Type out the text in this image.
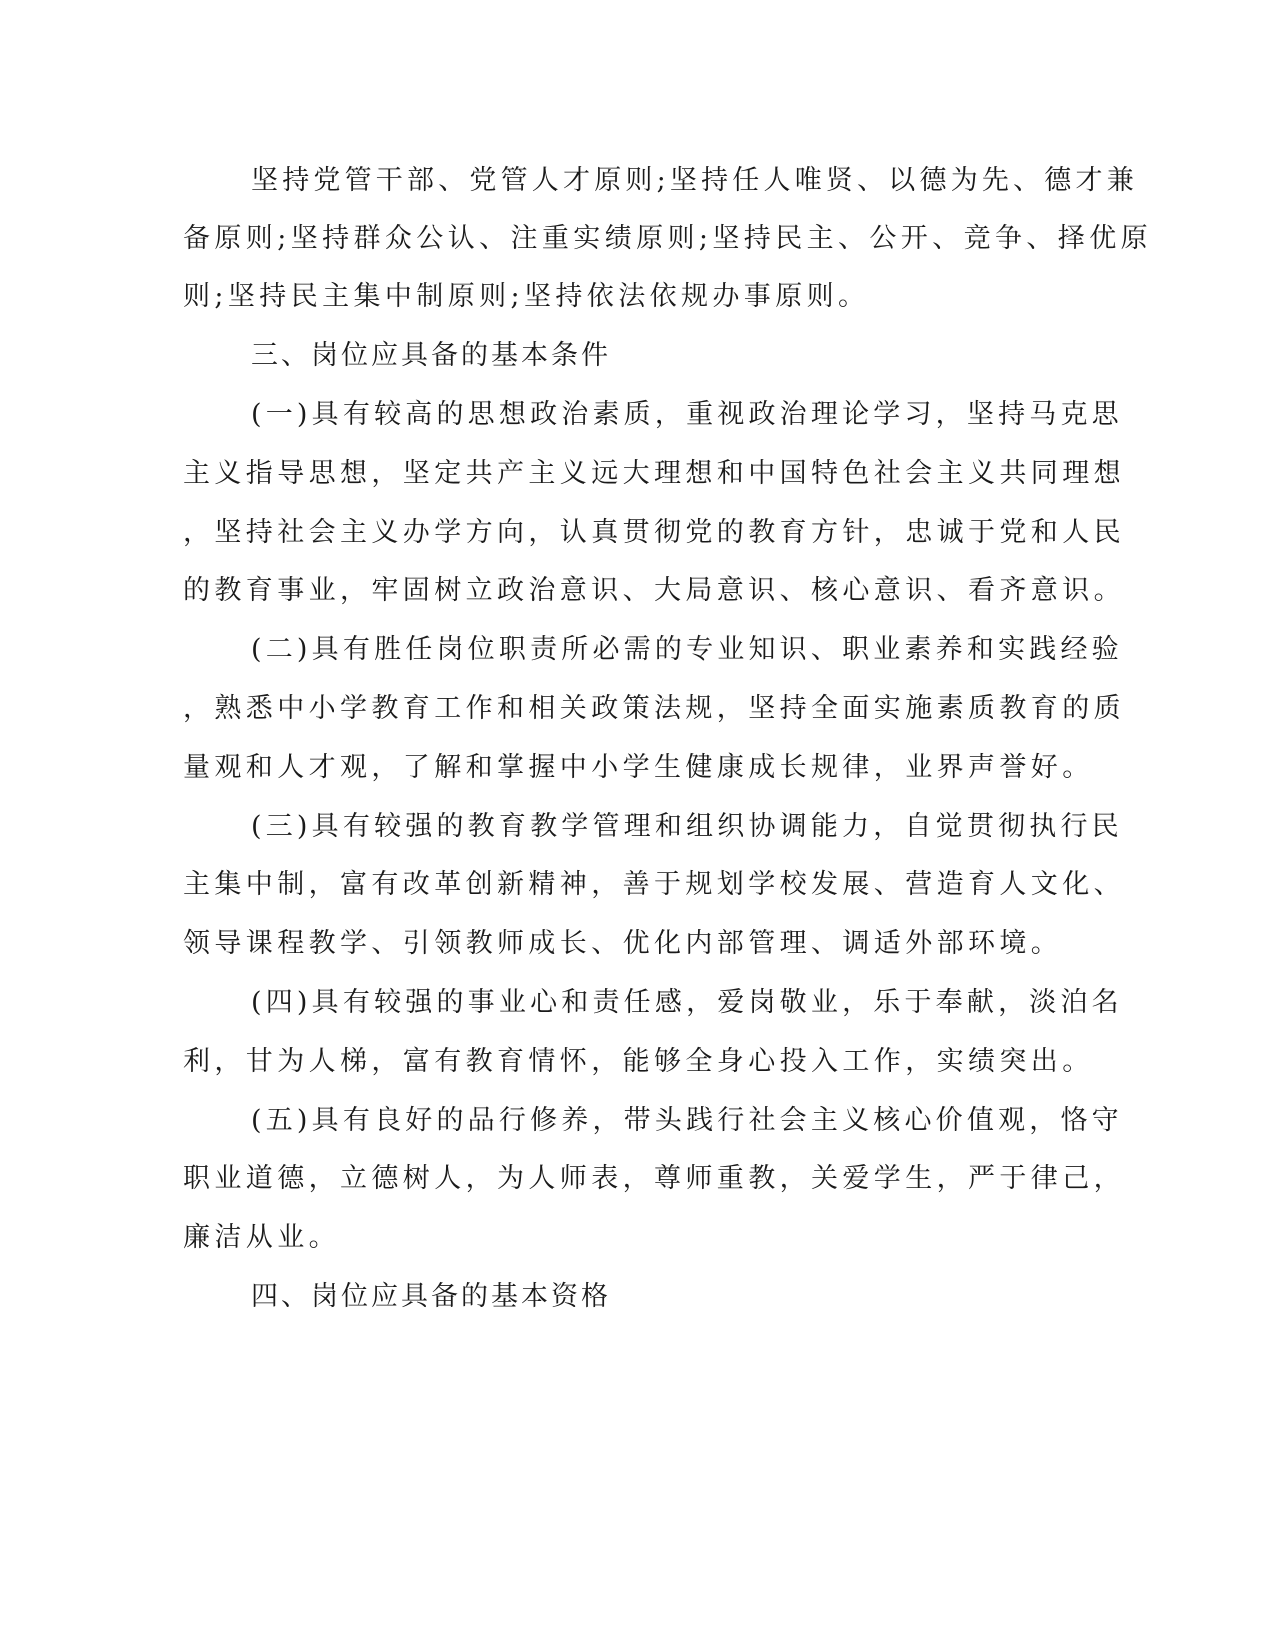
坚持党管干部、党管人才原则;坚持任人唯贤、以德为先、德才兼
备原则;坚持群众公认、注重实绩原则;坚持民主、公开、竞争、择优原
则;坚持民主集中制原则;坚持依法依规办事原则。
三、岗位应具备的基本条件
(一)具有较高的思想政治素质，重视政治理论学习，坚持马克思
主义指导思想，坚定共产主义远大理想和中国特色社会主义共同理想
，坚持社会主义办学方向，认真贯彻党的教育方针，忠诚于党和人民
的教育事业，牢固树立政治意识、大局意识、核心意识、看齐意识。
(二)具有胜任岗位职责所必需的专业知识、职业素养和实践经验
，熟悉中小学教育工作和相关政策法规，坚持全面实施素质教育的质
量观和人才观，了解和掌握中小学生健康成长规律，业界声誉好。
(三)具有较强的教育教学管理和组织协调能力，自觉贯彻执行民
主集中制，富有改革创新精神，善于规划学校发展、营造育人文化、
领导课程教学、引领教师成长、优化内部管理、调适外部环境。
(四)具有较强的事业心和责任感，爱岗敬业，乐于奉献，淡泊名
利，甘为人梯，富有教育情怀，能够全身心投入工作，实绩突出。
(五)具有良好的品行修养，带头践行社会主义核心价值观，恪守
职业道德，立德树人，为人师表，尊师重教，关爱学生，严于律己，
廉洁从业。
四、岗位应具备的基本资格
